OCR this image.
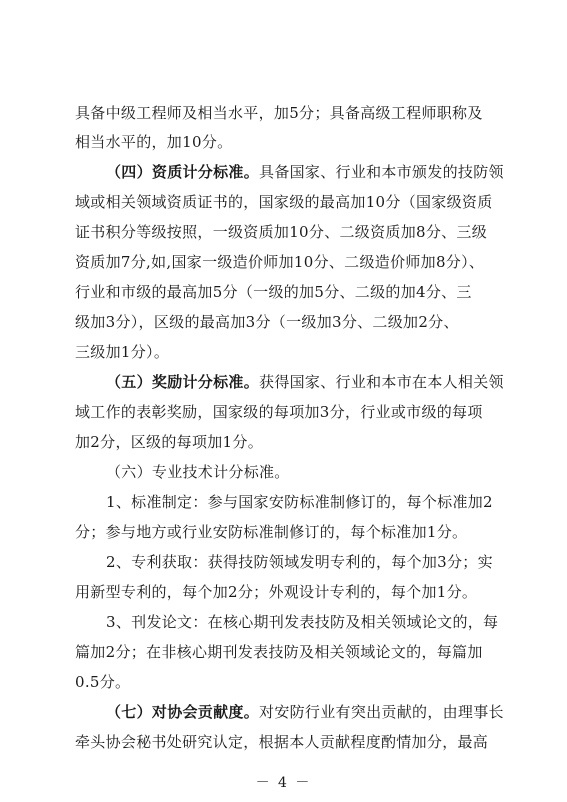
具备中级工程师及相当水平，加5分；具备高级工程师职称及
相当水平的，加10分。
（四）资质计分标准。具备国家、行业和本市颁发的技防领
域或相关领域资质证书的，国家级的最高加10分（国家级资质
证书积分等级按照，一级资质加10分、二级资质加8分、三级
资质加7分,如,国家一级造价师加10分、二级造价师加8分）、
行业和市级的最高加5分（一级的加5分、二级的加4分、三
级加3分），区级的最高加3分（一级加3分、二级加2分、
三级加1分）。
（五）奖励计分标准。获得国家、行业和本市在本人相关领
域工作的表彰奖励，国家级的每项加3分，行业或市级的每项
加2分，区级的每项加1分。
（六）专业技术计分标准。
1、标准制定：参与国家安防标准制修订的，每个标准加2
分；参与地方或行业安防标准制修订的，每个标准加1分。
2、专利获取：获得技防领域发明专利的，每个加3分；实
用新型专利的，每个加2分；外观设计专利的，每个加1分。
3、刊发论文：在核心期刊发表技防及相关领域论文的，每
篇加2分；在非核心期刊发表技防及相关领域论文的，每篇加
0.5分。
（七）对协会贡献度。对安防行业有突出贡献的，由理事长
牵头协会秘书处研究认定，根据本人贡献程度酌情加分，最高
－ 4 －
